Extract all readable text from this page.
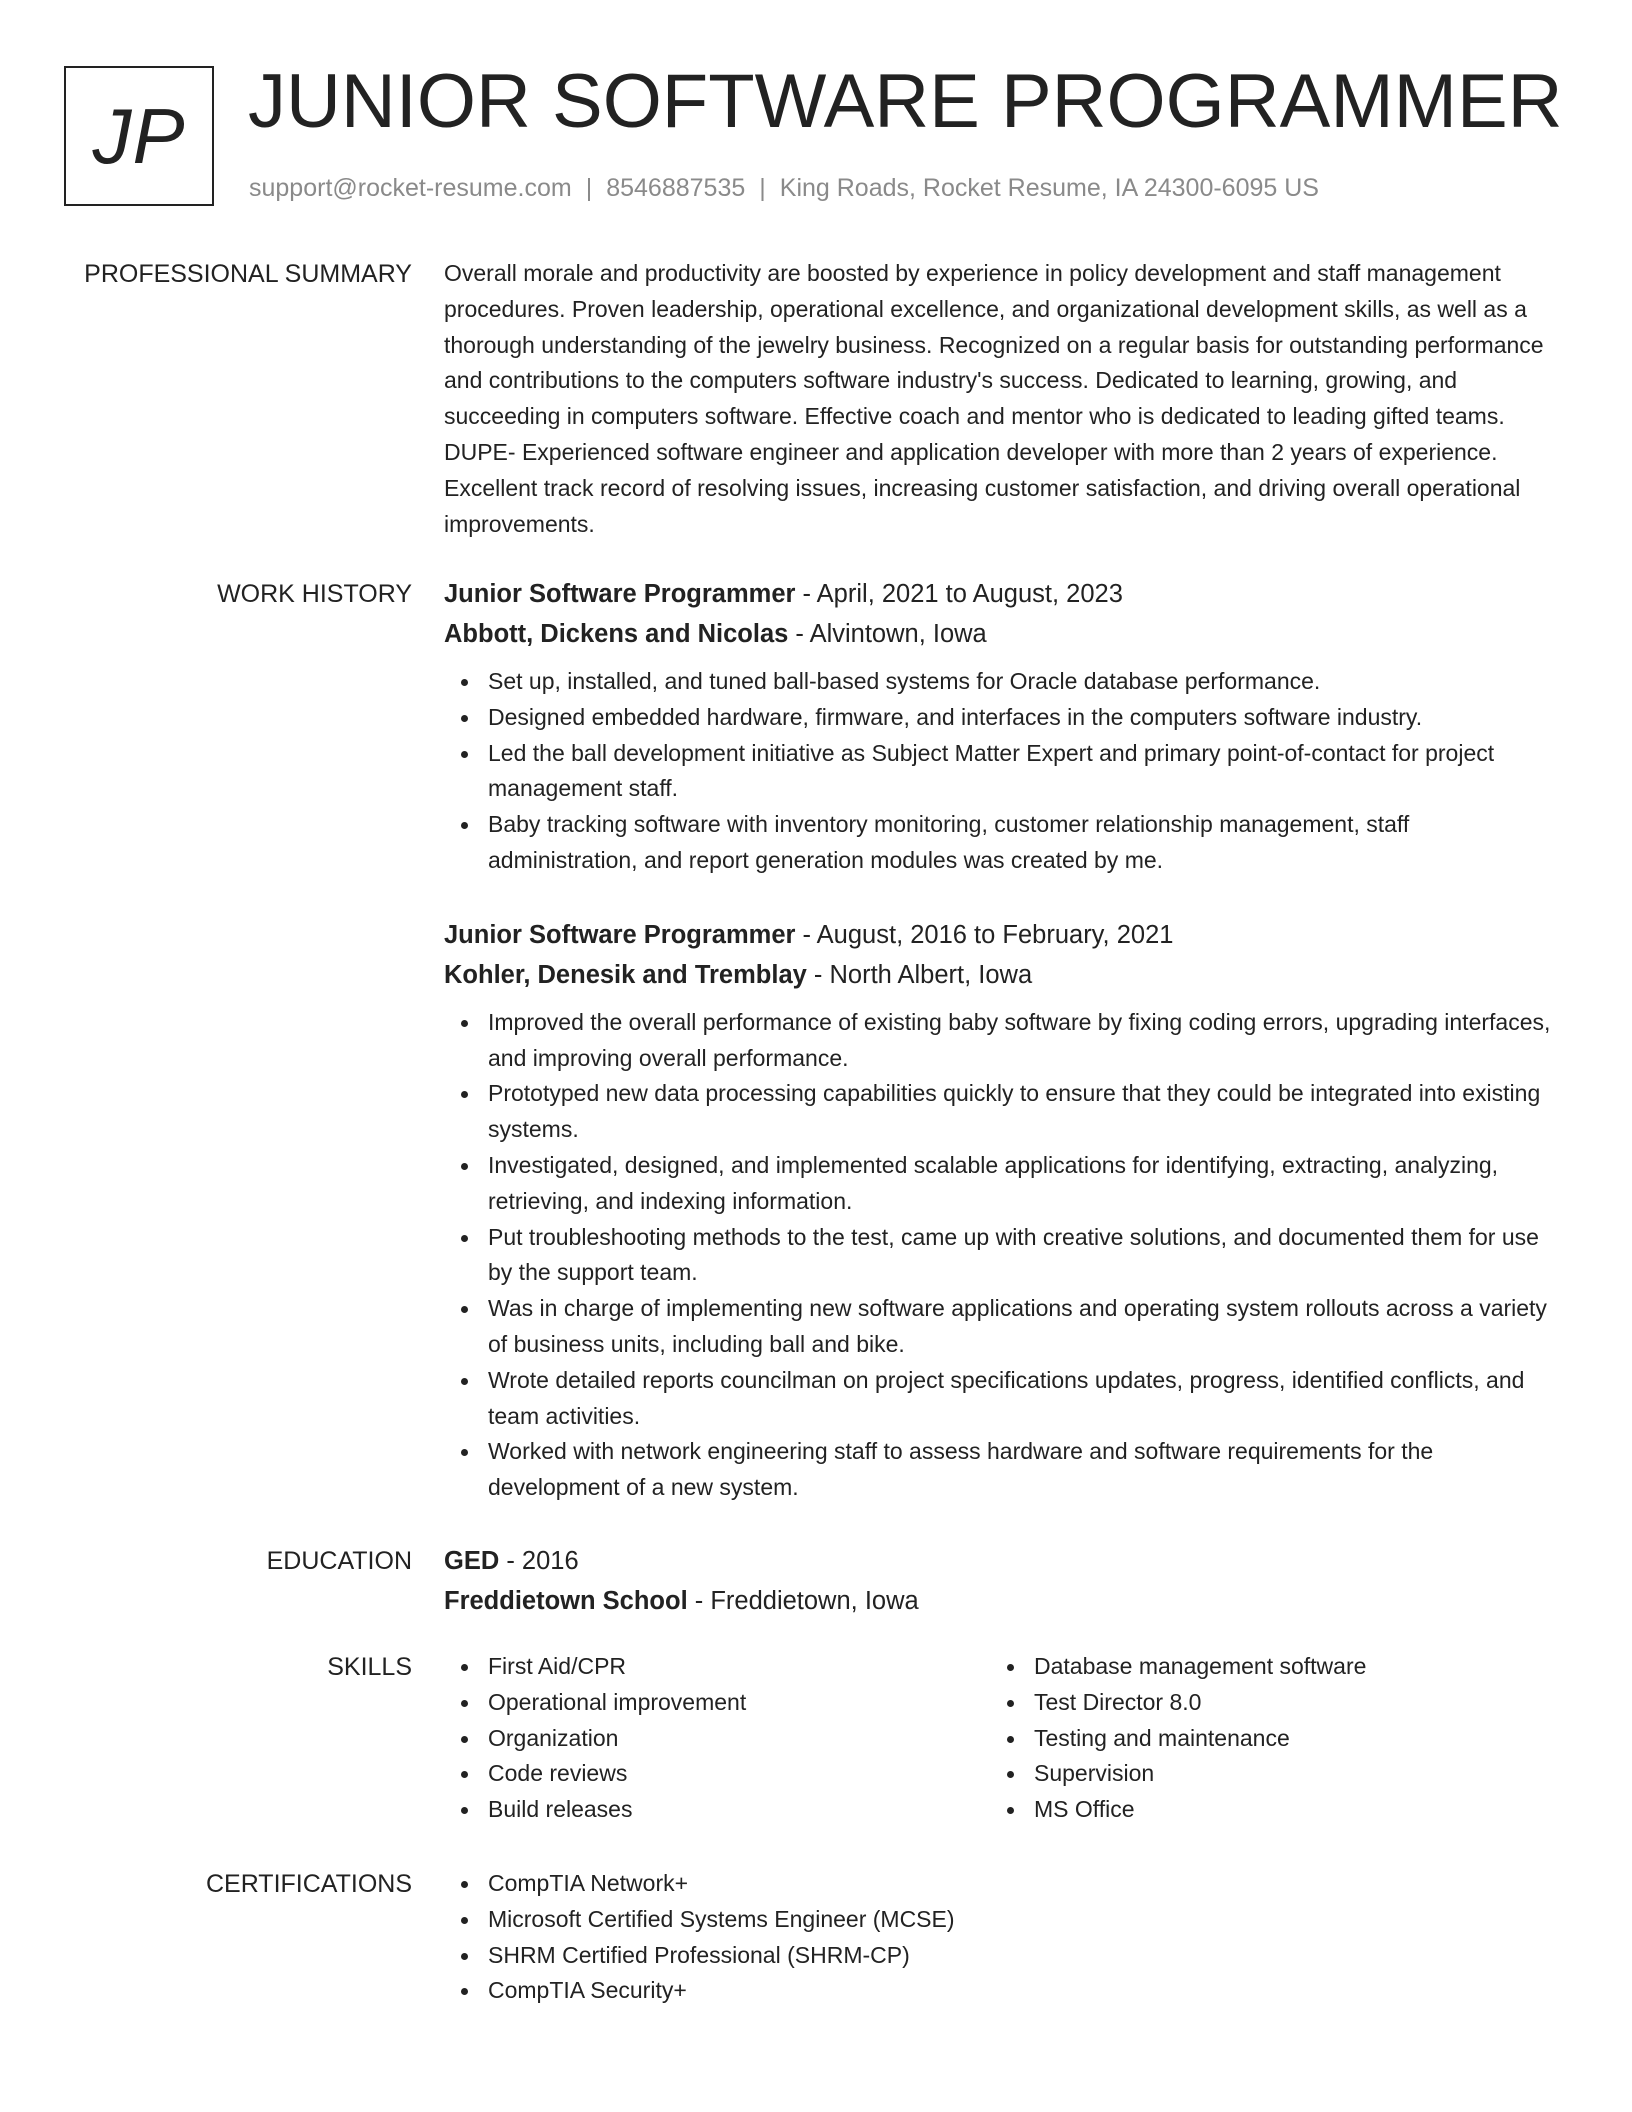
JP JUNIOR SOFTWARE PROGRAMMER
support@rocket-resume.com | 8546887535 | King Roads, Rocket Resume, IA 24300-6095 US
PROFESSIONAL SUMMARY Overall morale and productivity are boosted by experience in policy development and staff management procedures. Proven leadership, operational excellence, and organizational development skills, as well as a thorough understanding of the jewelry business. Recognized on a regular basis for outstanding performance and contributions to the computers software industry's success. Dedicated to learning, growing, and succeeding in computers software. Effective coach and mentor who is dedicated to leading gifted teams. DUPE- Experienced software engineer and application developer with more than 2 years of experience. Excellent track record of resolving issues, increasing customer satisfaction, and driving overall operational improvements.

WORK HISTORY Junior Software Programmer - April, 2021 to August, 2023
Abbott, Dickens and Nicolas - Alvintown, Iowa
Set up, installed, and tuned ball-based systems for Oracle database performance.
Designed embedded hardware, firmware, and interfaces in the computers software industry.
Led the ball development initiative as Subject Matter Expert and primary point-of-contact for project management staff.
Baby tracking software with inventory monitoring, customer relationship management, staff administration, and report generation modules was created by me.
Junior Software Programmer - August, 2016 to February, 2021
Kohler, Denesik and Tremblay - North Albert, Iowa
Improved the overall performance of existing baby software by fixing coding errors, upgrading interfaces, and improving overall performance.
Prototyped new data processing capabilities quickly to ensure that they could be integrated into existing systems.
Investigated, designed, and implemented scalable applications for identifying, extracting, analyzing, retrieving, and indexing information.
Put troubleshooting methods to the test, came up with creative solutions, and documented them for use by the support team.
Was in charge of implementing new software applications and operating system rollouts across a variety of business units, including ball and bike.
Wrote detailed reports councilman on project specifications updates, progress, identified conflicts, and team activities.
Worked with network engineering staff to assess hardware and software requirements for the development of a new system.
EDUCATION GED - 2016
Freddietown School - Freddietown, Iowa
SKILLS	First Aid/CPR
Operational improvement
Organization
Code reviews
Build releases
Database management software
Test Director 8.0
Testing and maintenance
Supervision
MS Office
CERTIFICATIONS	CompTIA Network+
Microsoft Certified Systems Engineer (MCSE)
SHRM Certified Professional (SHRM-CP)
CompTIA Security+
